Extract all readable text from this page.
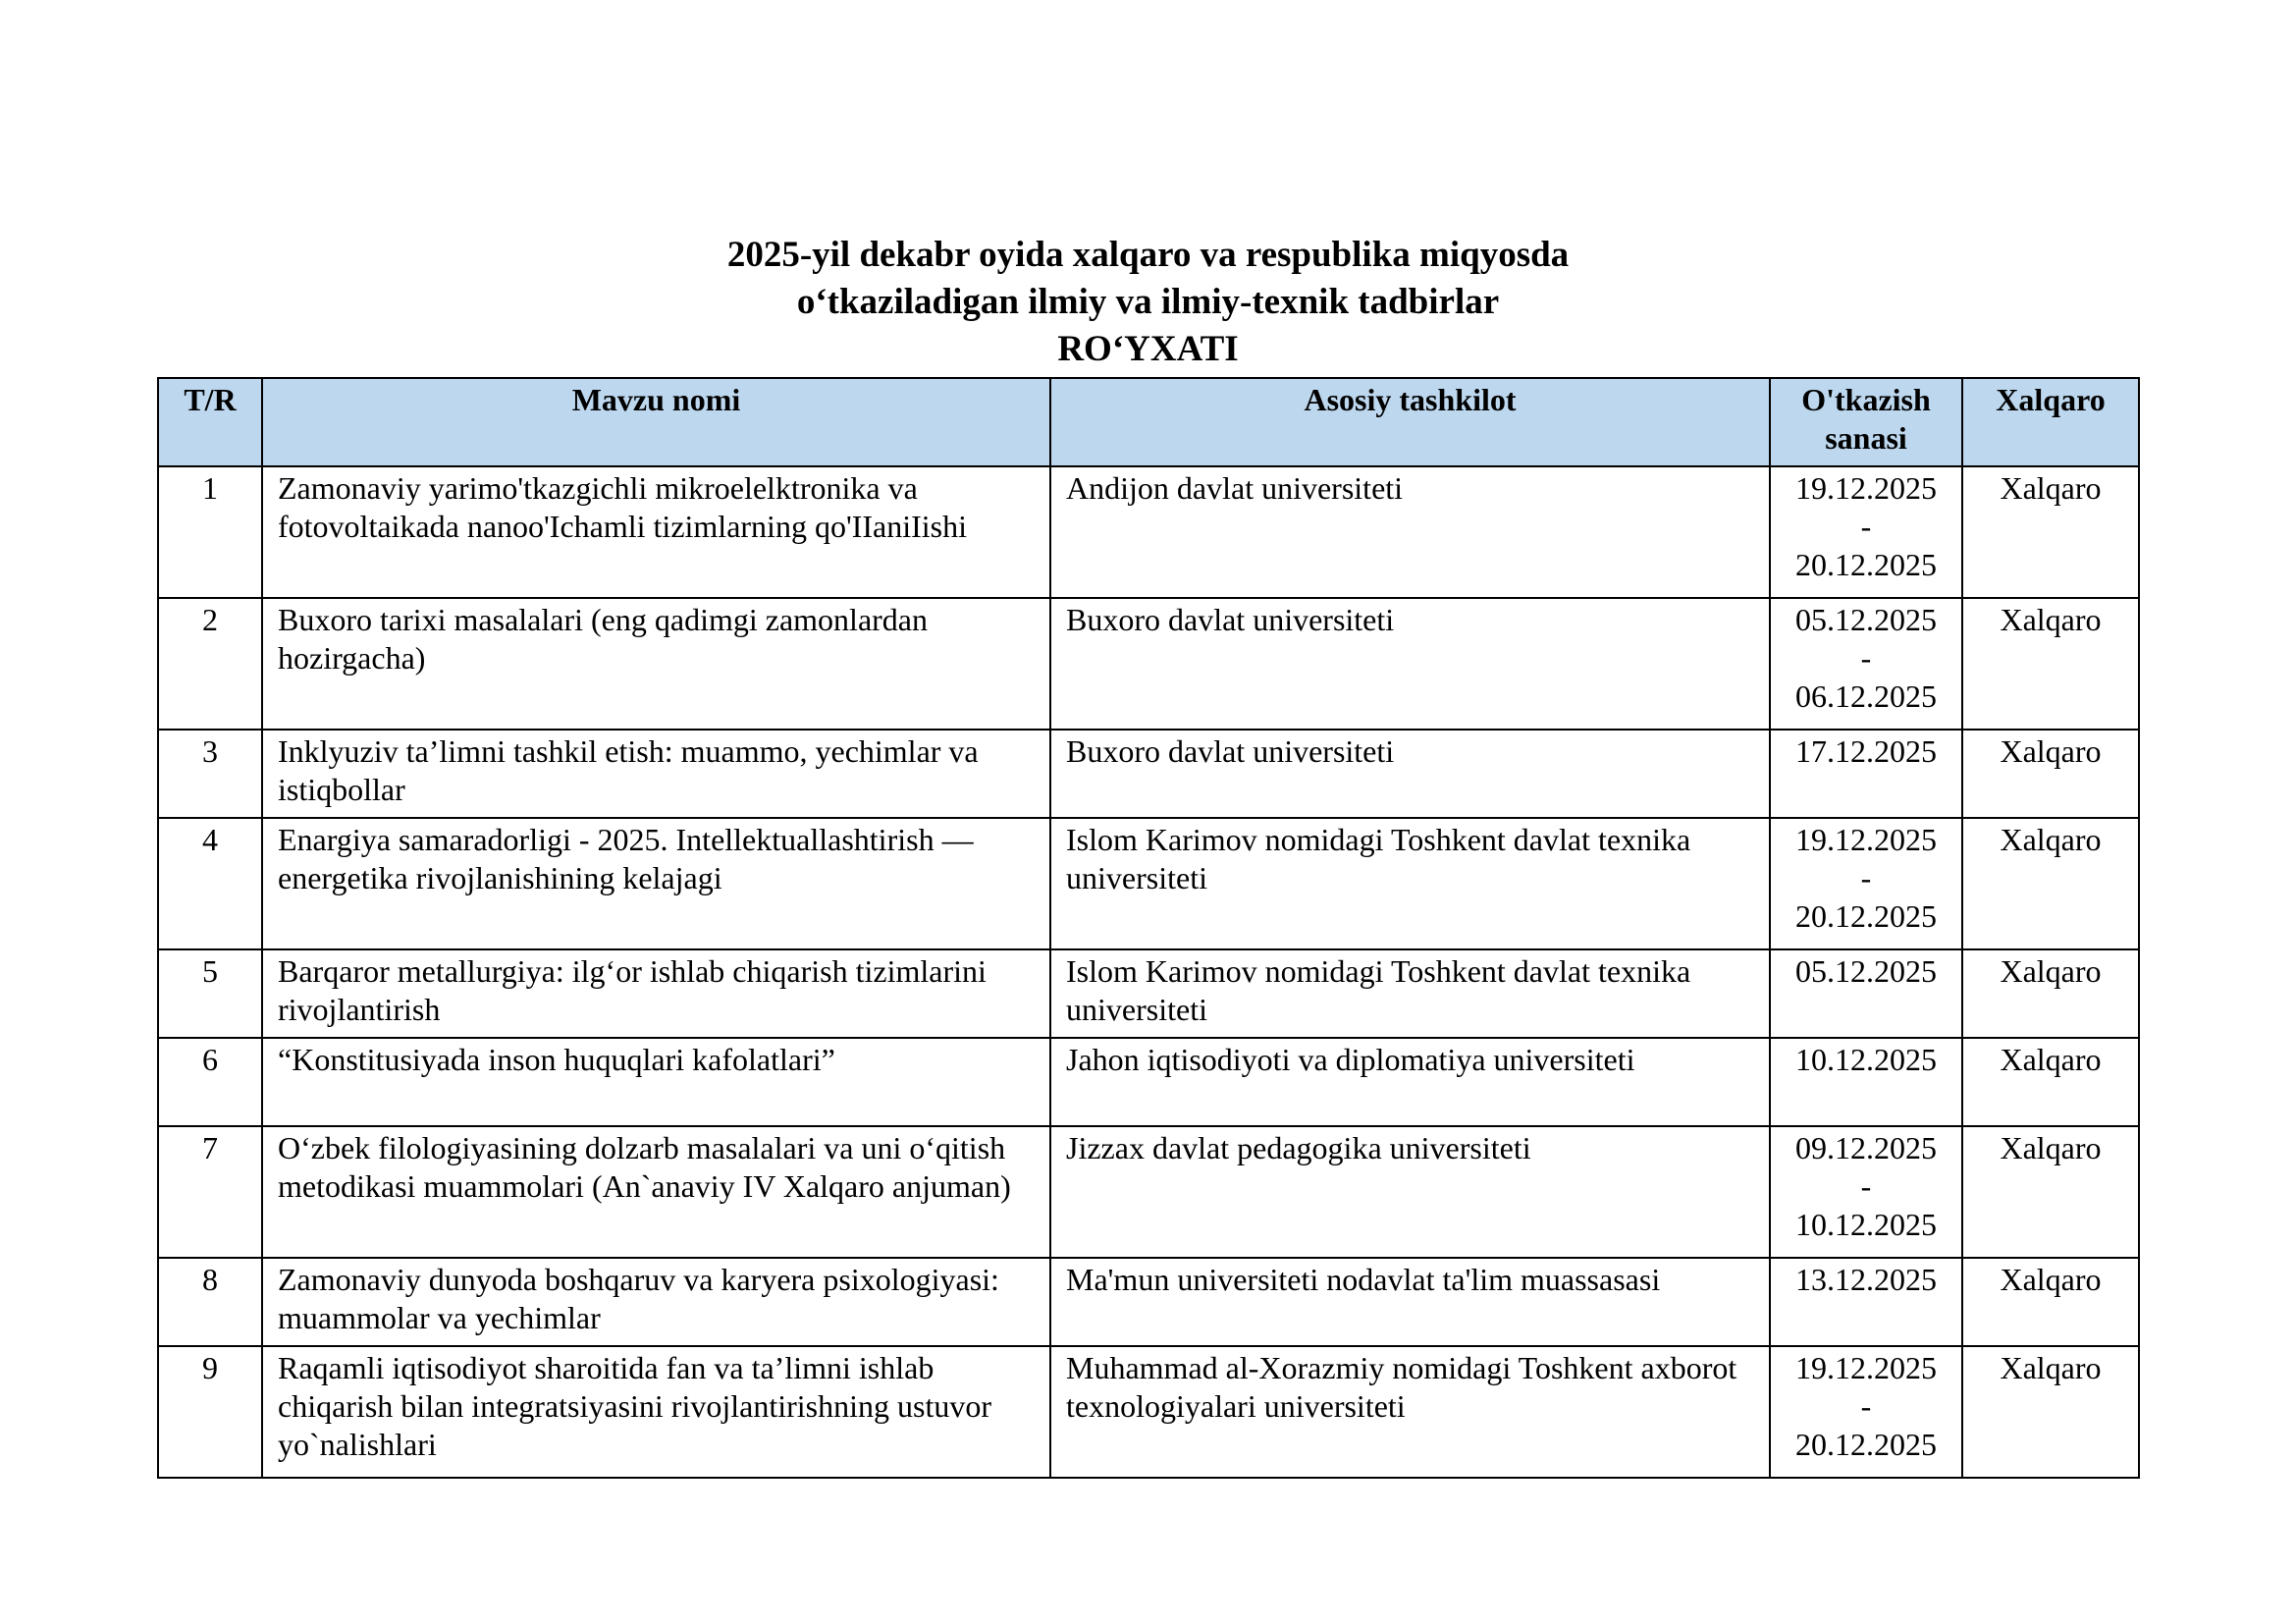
2025-yil dekabr oyida xalqaro va respublika miqyosda
o‘tkaziladigan ilmiy va ilmiy-texnik tadbirlar
RO‘YXATI
T/R	Mavzu nomi	Asosiy tashkilot	O'tkazish sanasi	Xalqaro
1	Zamonaviy yarimo'tkazgichli mikroelelktronika va fotovoltaikada nanoo'Ichamli tizimlarning qo'IIaniIishi	Andijon davlat universiteti	19.12.2025
-
20.12.2025	Xalqaro
2	Buxoro tarixi masalalari (eng qadimgi zamonlardan hozirgacha)	Buxoro davlat universiteti	05.12.2025
-
06.12.2025	Xalqaro
3	Inklyuziv ta’limni tashkil etish: muammo, yechimlar va istiqbollar	Buxoro davlat universiteti	17.12.2025	Xalqaro
4	Enargiya samaradorligi - 2025. Intellektuallashtirish — energetika rivojlanishining kelajagi	Islom Karimov nomidagi Toshkent davlat texnika universiteti	19.12.2025
-
20.12.2025	Xalqaro
5	Barqaror metallurgiya: ilg‘or ishlab chiqarish tizimlarini rivojlantirish	Islom Karimov nomidagi Toshkent davlat texnika universiteti	05.12.2025	Xalqaro
6	“Konstitusiyada inson huquqlari kafolatlari”	Jahon iqtisodiyoti va diplomatiya universiteti	10.12.2025	Xalqaro
7	O‘zbek filologiyasining dolzarb masalalari va uni o‘qitish metodikasi muammolari (An`anaviy IV Xalqaro anjuman)	Jizzax davlat pedagogika universiteti	09.12.2025
-
10.12.2025	Xalqaro
8	Zamonaviy dunyoda boshqaruv va karyera psixologiyasi: muammolar va yechimlar	Ma'mun universiteti nodavlat ta'lim muassasasi	13.12.2025	Xalqaro
9	Raqamli iqtisodiyot sharoitida fan va ta’limni ishlab chiqarish bilan integratsiyasini rivojlantirishning ustuvor yo`nalishlari	Muhammad al-Xorazmiy nomidagi Toshkent axborot texnologiyalari universiteti	19.12.2025
-
20.12.2025	Xalqaro
